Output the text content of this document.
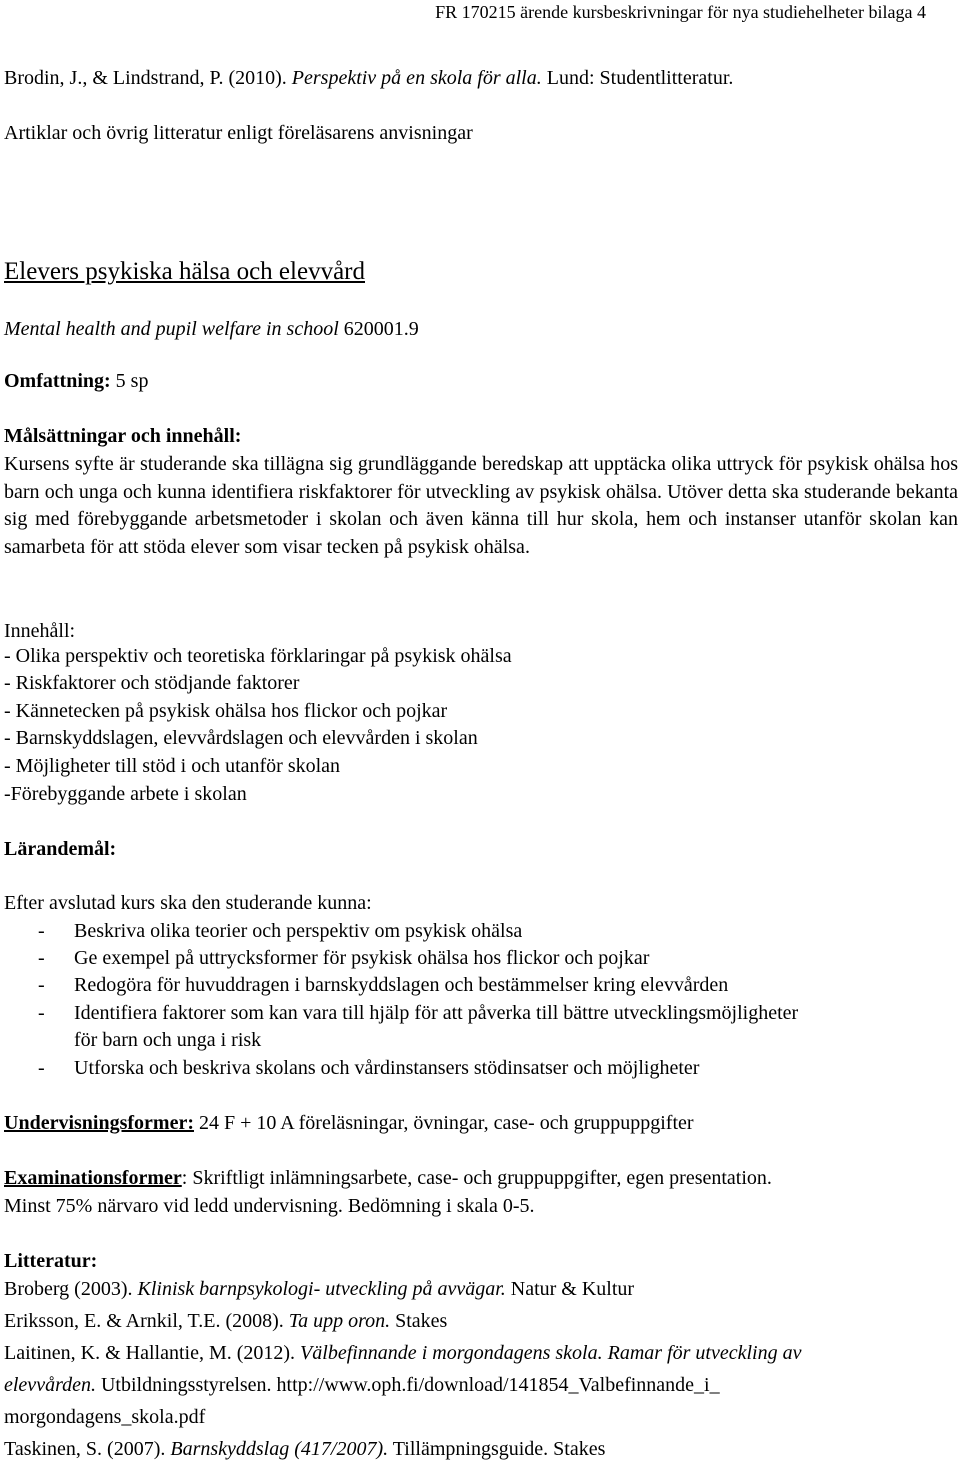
FR 170215 ärende kursbeskrivningar för nya studiehelheter bilaga 4
Brodin, J., & Lindstrand, P. (2010). Perspektiv på en skola för alla. Lund: Studentlitteratur.
Artiklar och övrig litteratur enligt föreläsarens anvisningar
Elevers psykiska hälsa och elevvård
Mental health and pupil welfare in school 620001.9
Omfattning: 5 sp
Målsättningar och innehåll:
Kursens syfte är studerande ska tillägna sig grundläggande beredskap att upptäcka olika uttryck för psykisk ohälsa hos barn och unga och kunna identifiera riskfaktorer för utveckling av psykisk ohälsa. Utöver detta ska studerande bekanta sig med förebyggande arbetsmetoder i skolan och även känna till hur skola, hem och instanser utanför skolan kan samarbeta för att stöda elever som visar tecken på psykisk ohälsa.
Innehåll:
- Olika perspektiv och teoretiska förklaringar på psykisk ohälsa
- Riskfaktorer och stödjande faktorer
- Kännetecken på psykisk ohälsa hos flickor och pojkar
- Barnskyddslagen, elevvårdslagen och elevvården i skolan
- Möjligheter till stöd i och utanför skolan
-Förebyggande arbete i skolan
Lärandemål:
Efter avslutad kurs ska den studerande kunna:
- Beskriva olika teorier och perspektiv om psykisk ohälsa
- Ge exempel på uttrycksformer för psykisk ohälsa hos flickor och pojkar
- Redogöra för huvuddragen i barnskyddslagen och bestämmelser kring elevvården
- Identifiera faktorer som kan vara till hjälp för att påverka till bättre utvecklingsmöjligheter
för barn och unga i risk
- Utforska och beskriva skolans och vårdinstansers stödinsatser och möjligheter
Undervisningsformer: 24 F + 10 A föreläsningar, övningar, case- och gruppuppgifter
Examinationsformer: Skriftligt inlämningsarbete, case- och gruppuppgifter, egen presentation.
Minst 75% närvaro vid ledd undervisning. Bedömning i skala 0-5.
Litteratur:
Broberg (2003). Klinisk barnpsykologi- utveckling på avvägar. Natur & Kultur
Eriksson, E. & Arnkil, T.E. (2008). Ta upp oron. Stakes
Laitinen, K. & Hallantie, M. (2012). Välbefinnande i morgondagens skola. Ramar för utveckling av
elevvården. Utbildningsstyrelsen. http://www.oph.fi/download/141854_Valbefinnande_i_
morgondagens_skola.pdf
Taskinen, S. (2007). Barnskyddslag (417/2007). Tillämpningsguide. Stakes
